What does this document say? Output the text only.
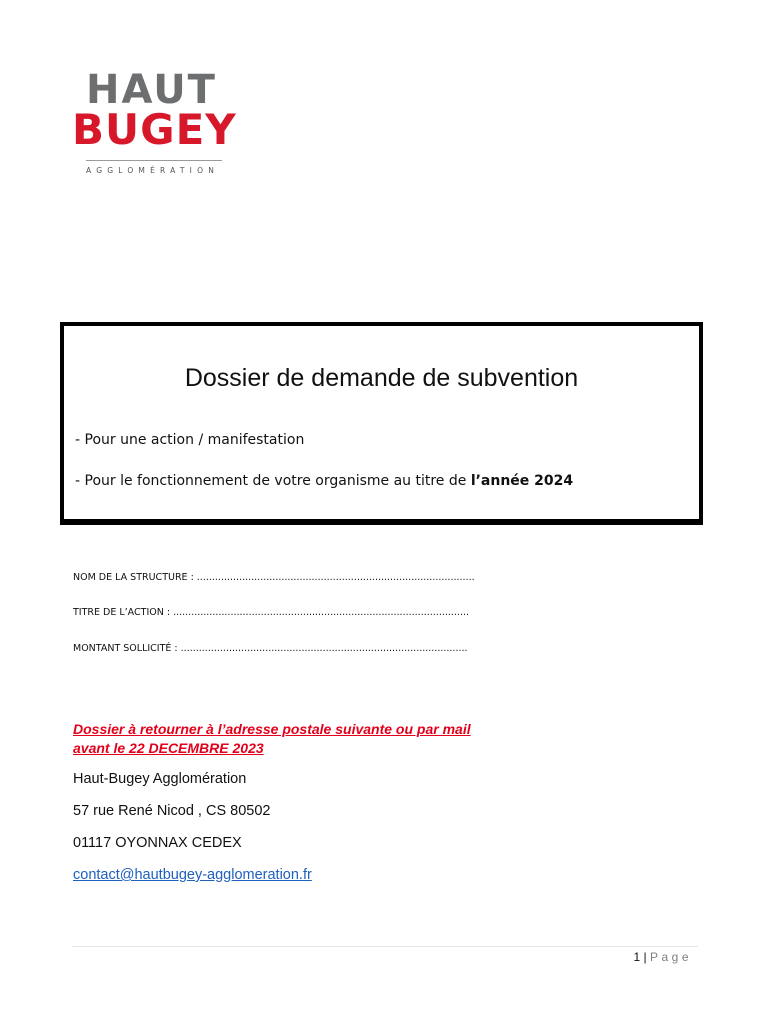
HAUT
BUGEY
AGGLOMÉRATION
Dossier de demande de subvention
- Pour une action / manifestation
- Pour le fonctionnement de votre organisme au titre de l’année 2024
NOM DE LA STRUCTURE : ............................................................................................
TITRE DE L’ACTION : ..................................................................................................
MONTANT SOLLICITÉ : ...............................................................................................
Dossier à retourner à l’adresse postale suivante ou par mail
avant le 22 DECEMBRE 2023
Haut-Bugey Agglomération
57 rue René Nicod , CS 80502
01117 OYONNAX CEDEX
contact@hautbugey-agglomeration.fr
1 | Page
